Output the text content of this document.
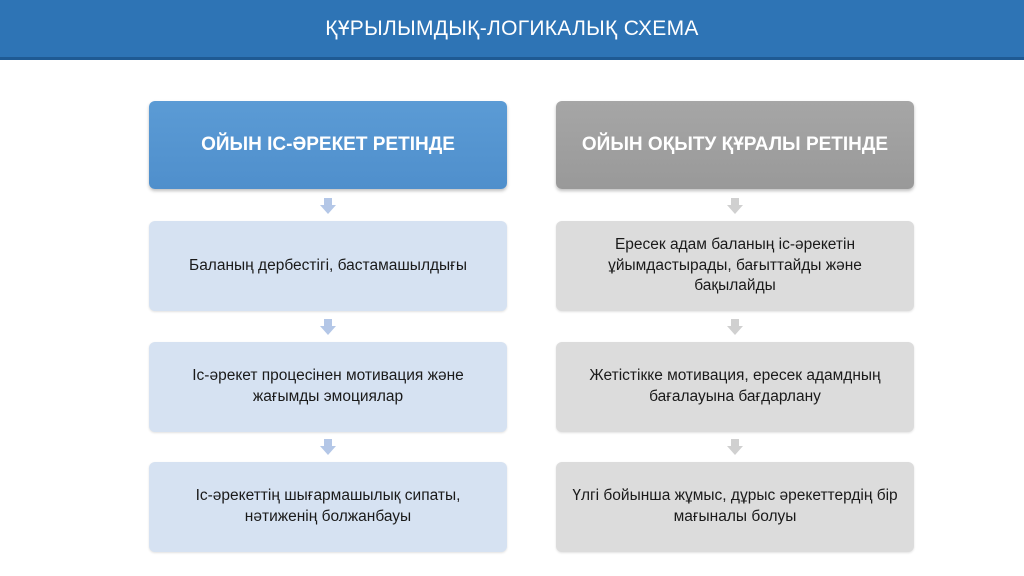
ҚҰРЫЛЫМДЫҚ-ЛОГИКАЛЫҚ СХЕМА
ОЙЫН ІС-ӘРЕКЕТ РЕТІНДЕ
Баланың дербестігі, бастамашылдығы
Іс-әрекет процесінен мотивация және жағымды эмоциялар
Іс-әрекеттің шығармашылық сипаты, нәтиженің болжанбауы
ОЙЫН ОҚЫТУ ҚҰРАЛЫ РЕТІНДЕ
Ересек адам баланың іс-әрекетін ұйымдастырады, бағыттайды және бақылайды
Жетістікке мотивация, ересек адамдның бағалауына бағдарлану
Үлгі бойынша жұмыс, дұрыс әрекеттердің бір мағыналы болуы
